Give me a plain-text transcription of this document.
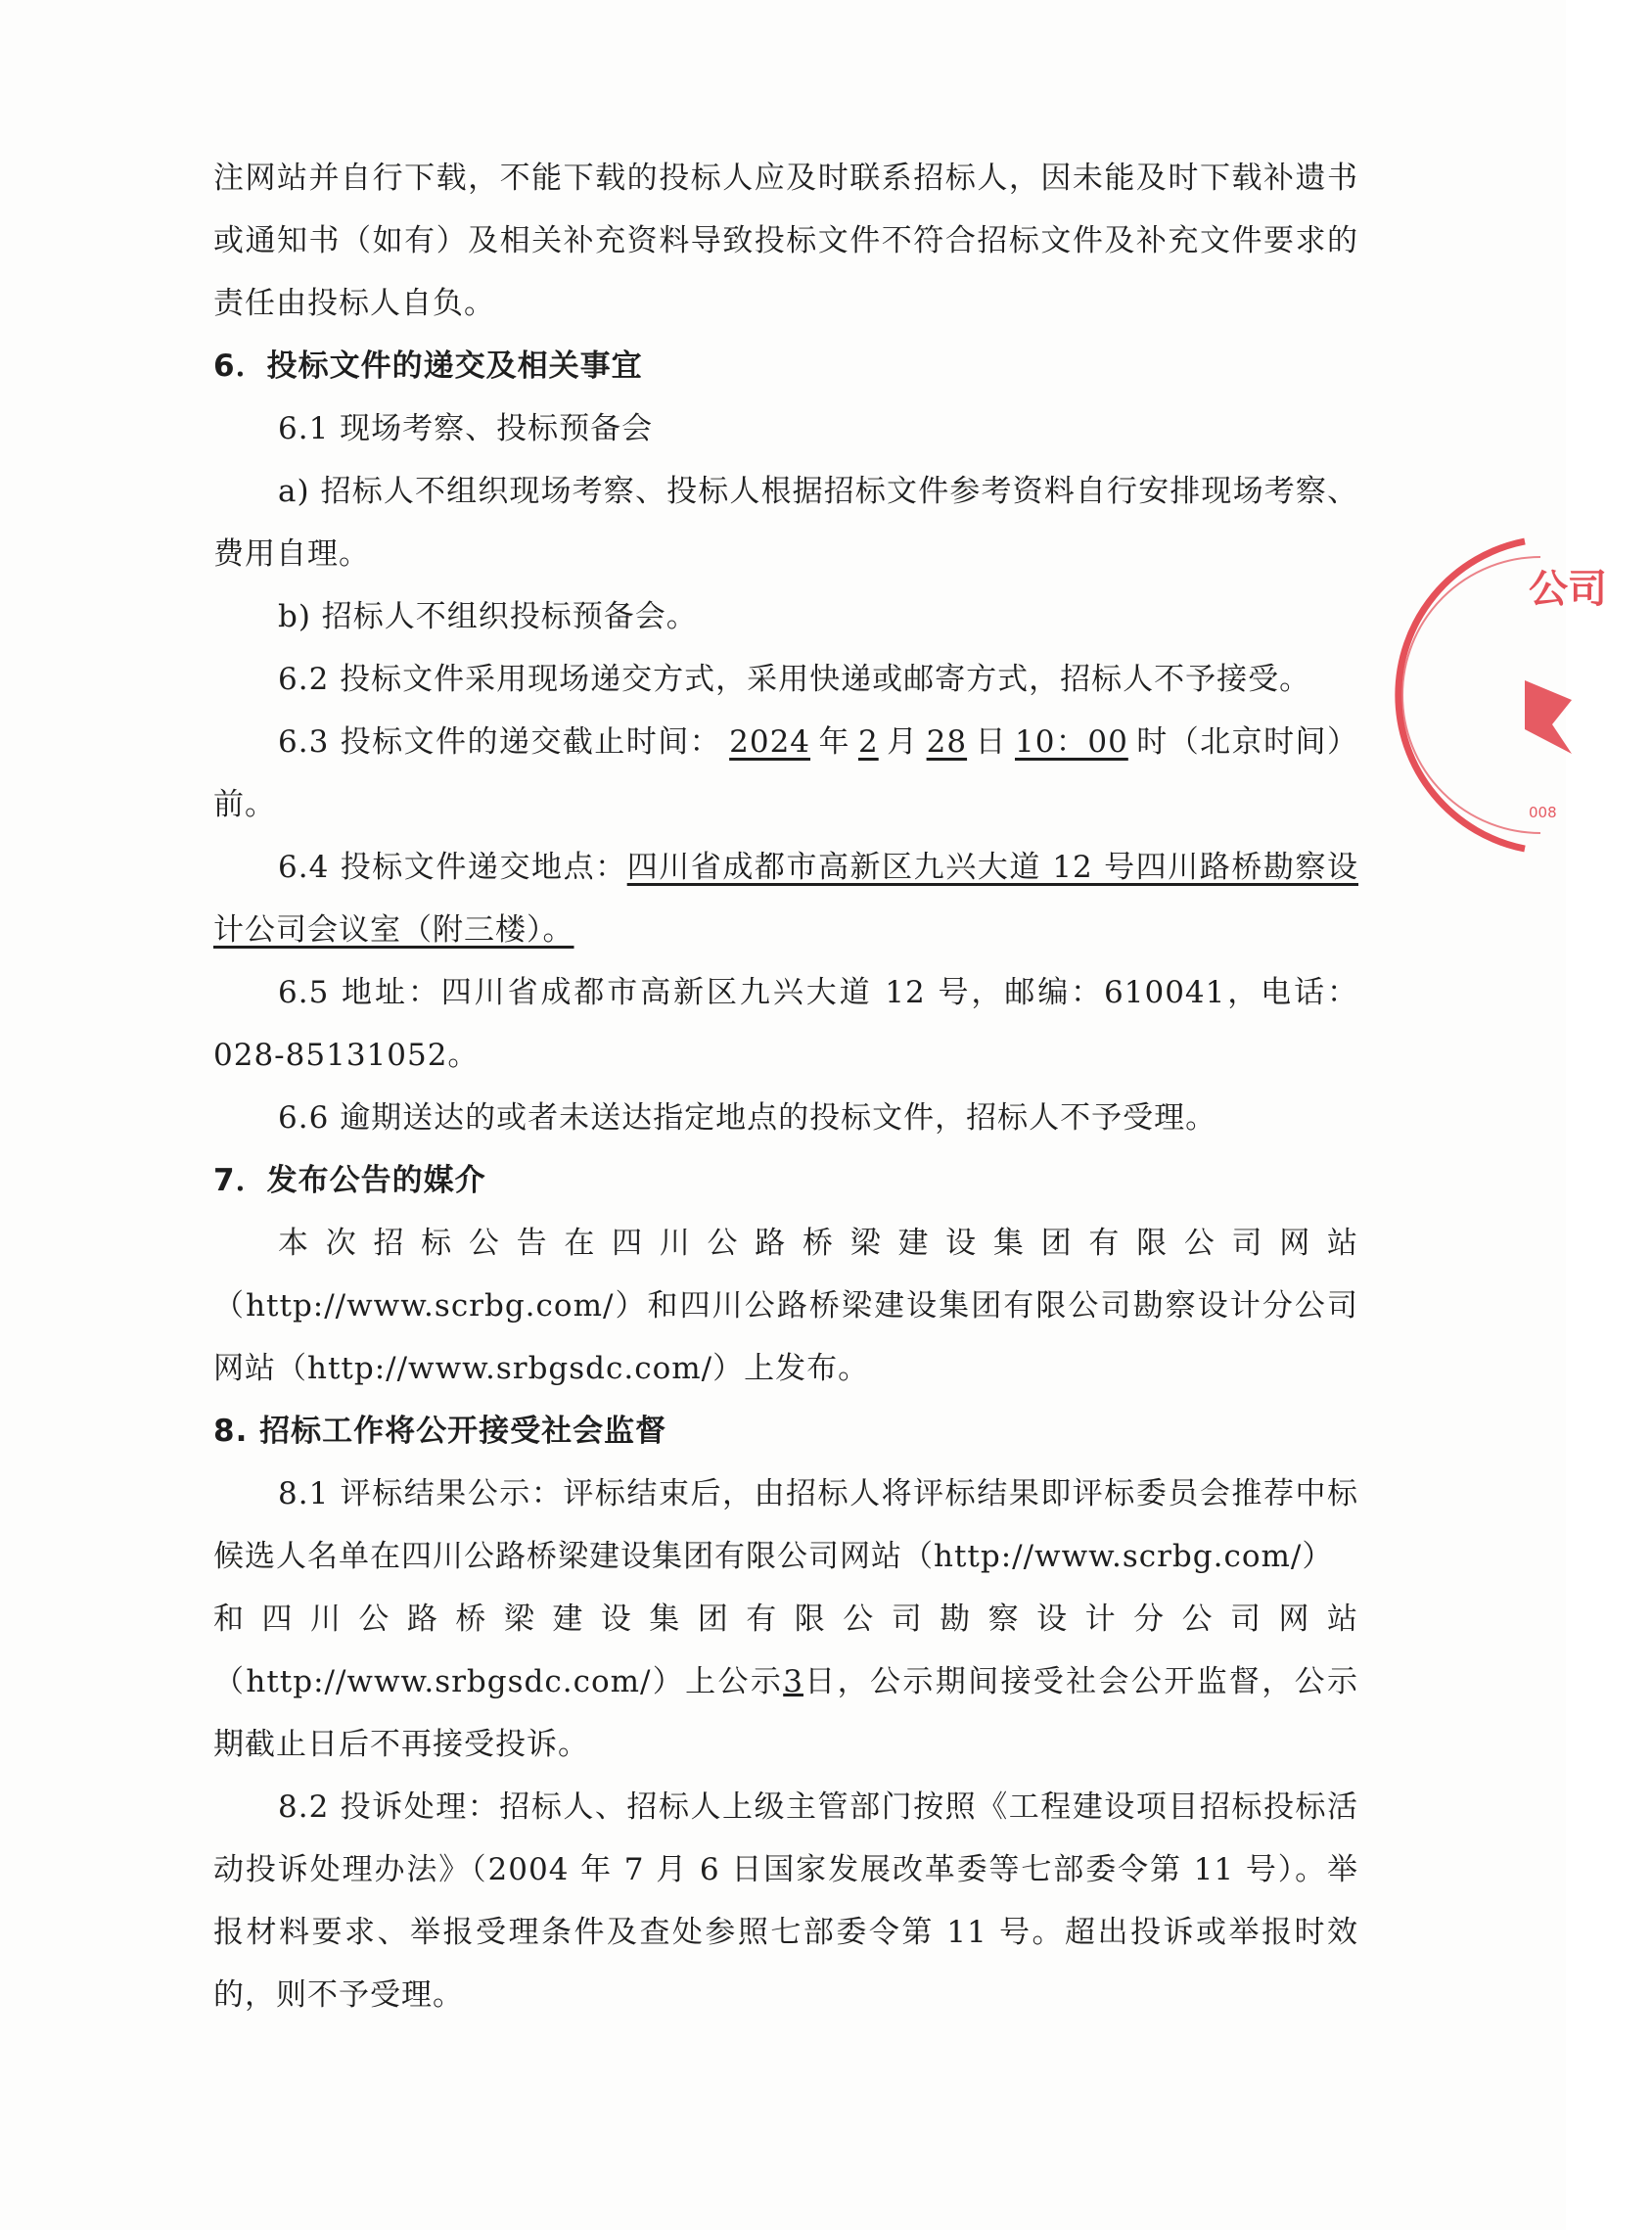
注网站并自行下载，不能下载的投标人应及时联系招标人，因未能及时下载补遗书或通知书（如有）及相关补充资料导致投标文件不符合招标文件及补充文件要求的责任由投标人自负。

6．投标文件的递交及相关事宜

6.1 现场考察、投标预备会

a) 招标人不组织现场考察、投标人根据招标文件参考资料自行安排现场考察、费用自理。

b) 招标人不组织投标预备会。

6.2 投标文件采用现场递交方式，采用快递或邮寄方式，招标人不予接受。

6.3 投标文件的递交截止时间： 2024 年 2 月 28 日 10：00 时（北京时间）前。

6.4 投标文件递交地点：四川省成都市高新区九兴大道 12 号四川路桥勘察设计公司会议室（附三楼）。

6.5 地址：四川省成都市高新区九兴大道 12 号，邮编：610041，电话：028-85131052。

6.6 逾期送达的或者未送达指定地点的投标文件，招标人不予受理。

7．发布公告的媒介

本次招标公告在四川公路桥梁建设集团有限公司网站

（http://www.scrbg.com/）和四川公路桥梁建设集团有限公司勘察设计分公司网站（http://www.srbgsdc.com/）上发布。

8. 招标工作将公开接受社会监督

8.1 评标结果公示：评标结束后，由招标人将评标结果即评标委员会推荐中标候选人名单在四川公路桥梁建设集团有限公司网站（http://www.scrbg.com/）

和四川公路桥梁建设集团有限公司勘察设计分公司网站

（http://www.srbgsdc.com/）上公示3日，公示期间接受社会公开监督，公示期截止日后不再接受投诉。

8.2 投诉处理：招标人、招标人上级主管部门按照《工程建设项目招标投标活动投诉处理办法》（2004 年 7 月 6 日国家发展改革委等七部委令第 11 号）。举报材料要求、举报受理条件及查处参照七部委令第 11 号。超出投诉或举报时效的，则不予受理。

公司
008
